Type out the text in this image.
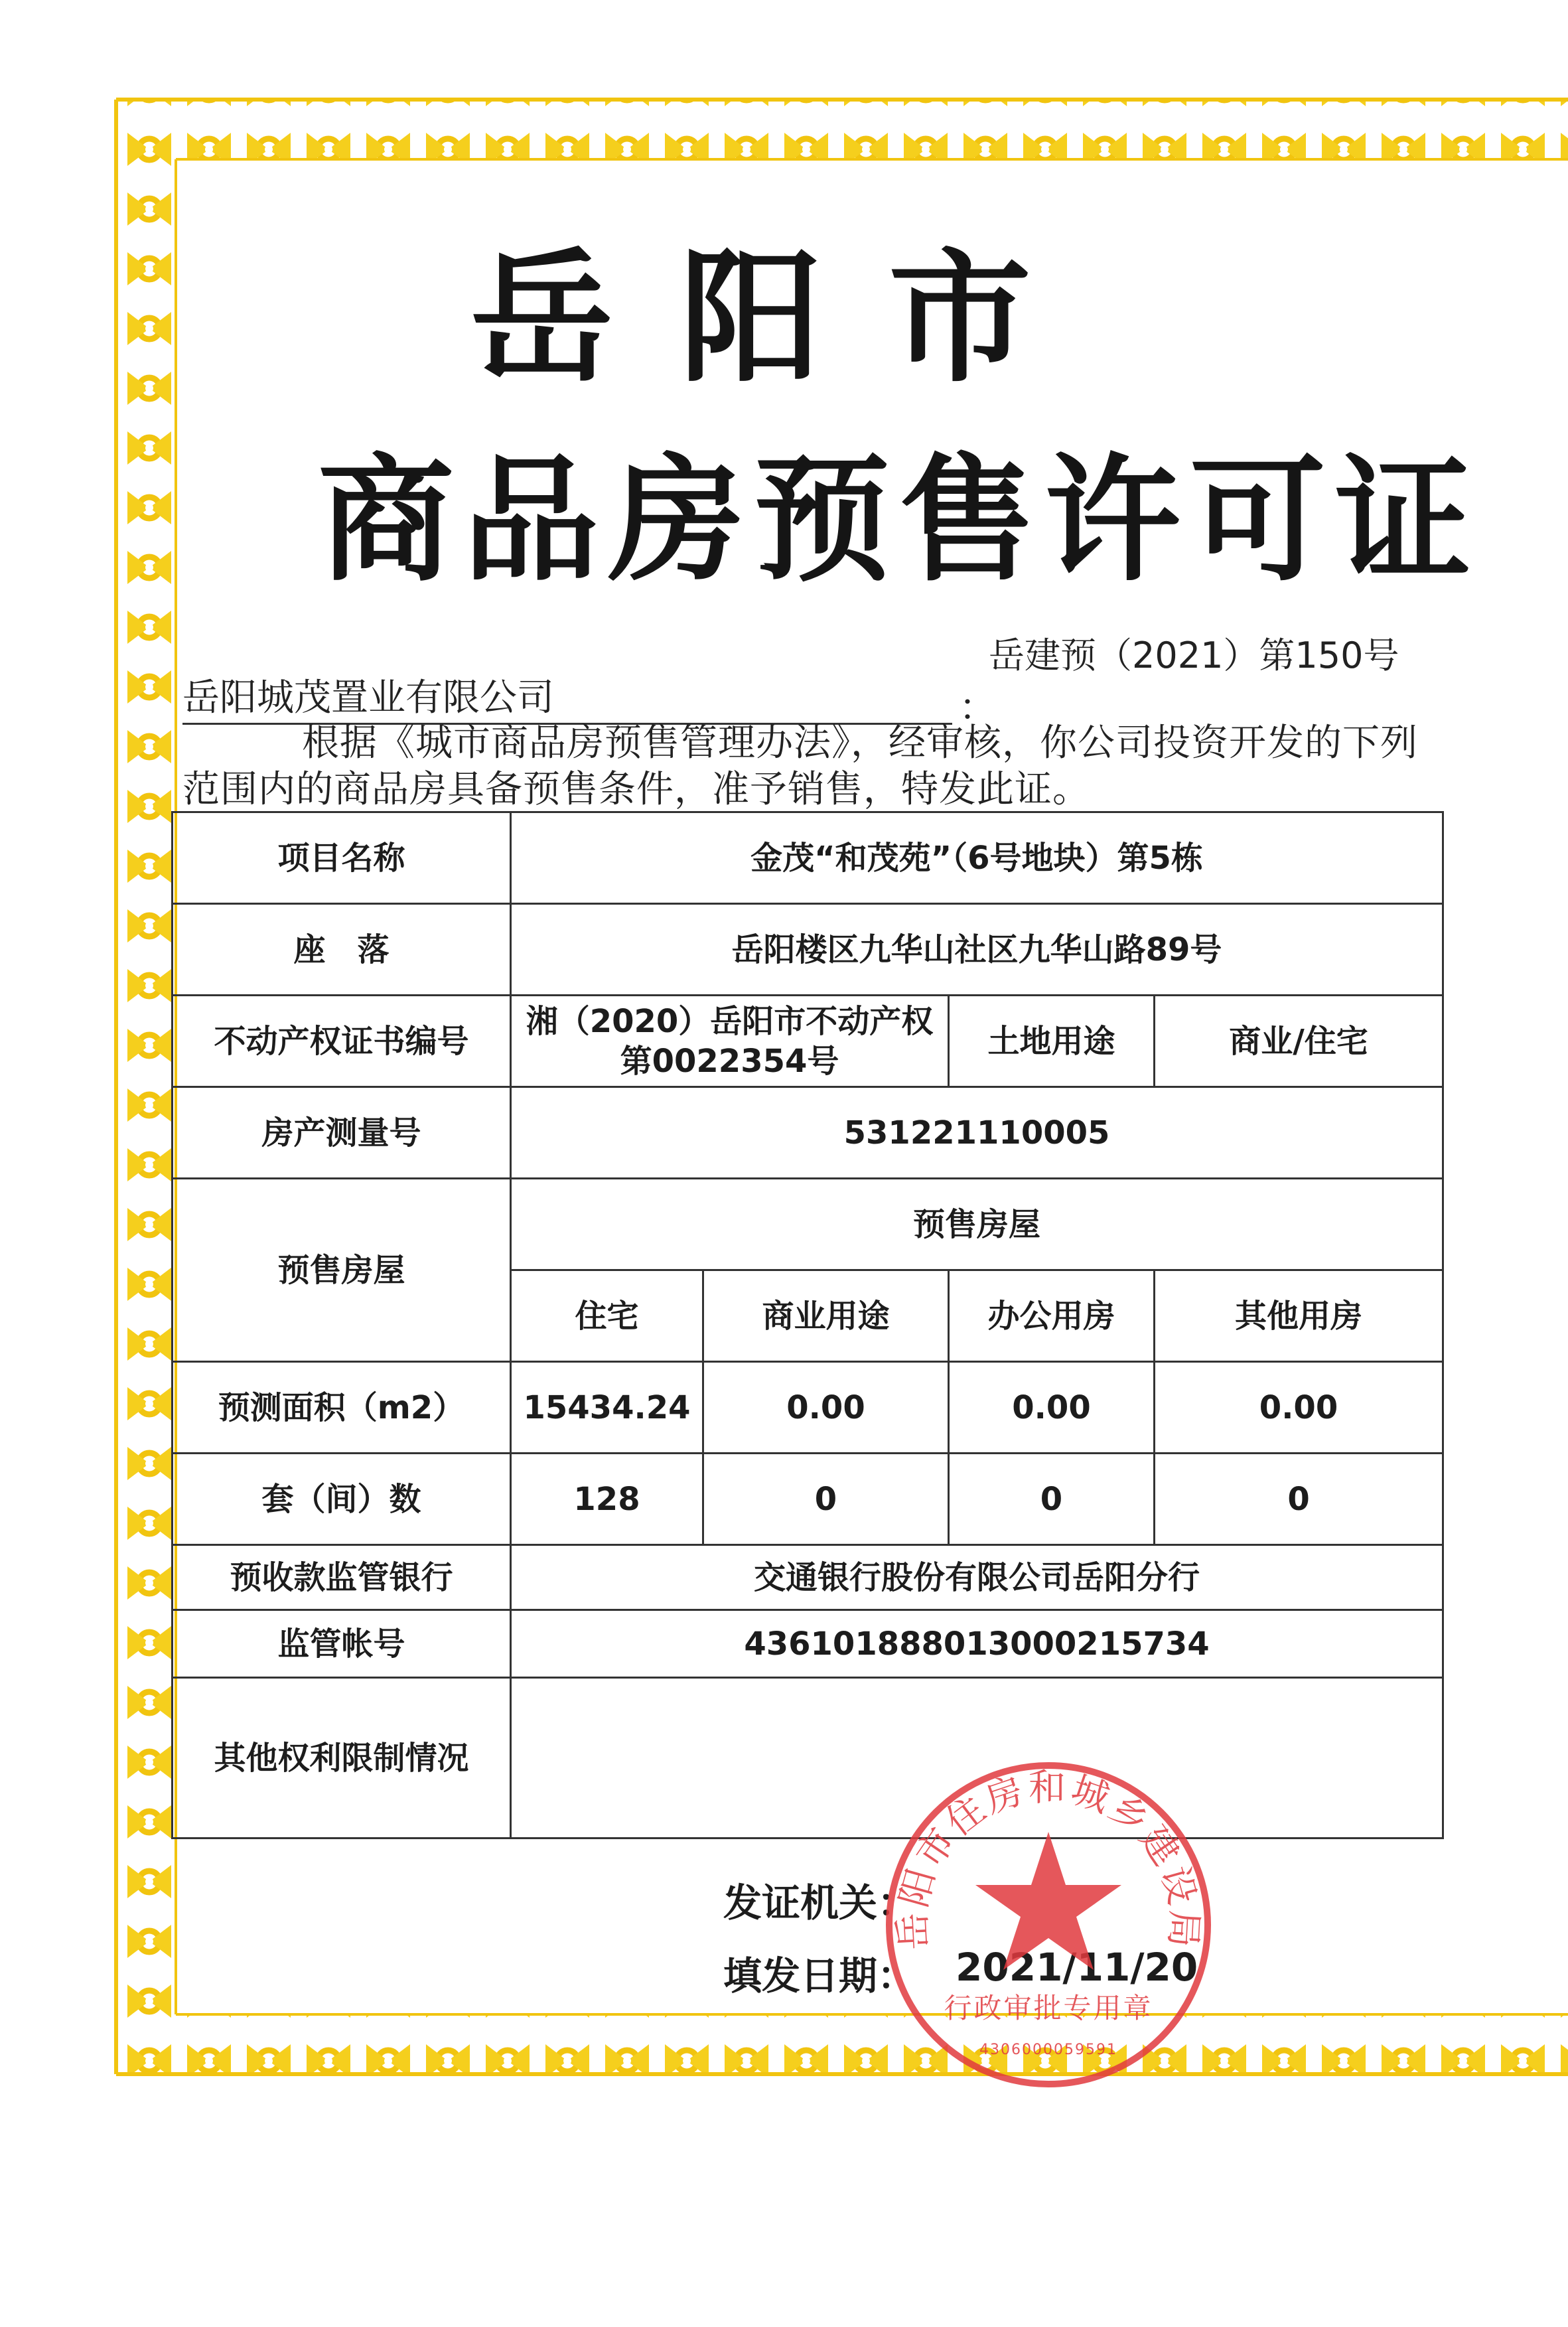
岳阳市
商品房预售许可证
岳建预（2021）第150号
岳阳城茂置业有限公司	：
根据《城市商品房预售管理办法》，经审核，你公司投资开发的下列范围内的商品房具备预售条件，准予销售，特发此证。
项目名称	金茂“和茂苑”（6号地块）第5栋			
座　落	岳阳楼区九华山社区九华山路89号			
不动产权证书编号	湘（2020）岳阳市不动产权第0022354号		土地用途	商业/住宅
房产测量号	531221110005			
预售房屋	预售房屋			
	住宅	商业用途	办公用房	其他用房
预测面积（m2）	15434.24	0.00	0.00	0.00
套（间）数	128	0	0	0
预收款监管银行	交通银行股份有限公司岳阳分行			
监管帐号	436101888013000215734			
其他权利限制情况				
发证机关：
填发日期： 2021/11/20
岳阳市住房和城乡建设局
行政审批专用章
4306000059591
